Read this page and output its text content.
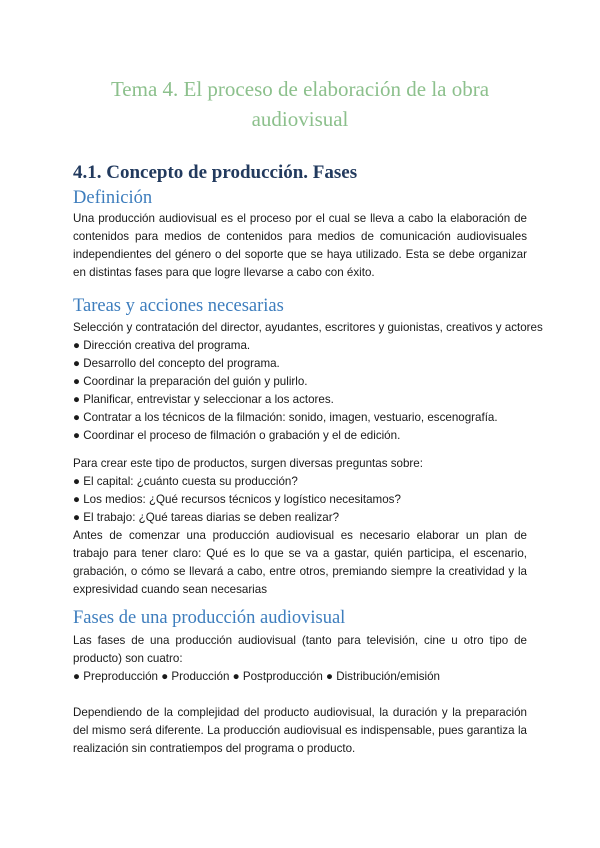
Tema 4. El proceso de elaboración de la obra audiovisual
4.1. Concepto de producción. Fases
Definición

Una producción audiovisual es el proceso por el cual se lleva a cabo la elaboración de contenidos para medios de contenidos para medios de comunicación audiovisuales independientes del género o del soporte que se haya utilizado. Esta se debe organizar en distintas fases para que logre llevarse a cabo con éxito.

Tareas y acciones necesarias
Selección y contratación del director, ayudantes, escritores y guionistas, creativos y actores
● Dirección creativa del programa.
● Desarrollo del concepto del programa.
● Coordinar la preparación del guión y pulirlo.
● Planificar, entrevistar y seleccionar a los actores.
● Contratar a los técnicos de la filmación: sonido, imagen, vestuario, escenografía.
● Coordinar el proceso de filmación o grabación y el de edición.
Para crear este tipo de productos, surgen diversas preguntas sobre:
● El capital: ¿cuánto cuesta su producción?
● Los medios: ¿Qué recursos técnicos y logístico necesitamos?
● El trabajo: ¿Qué tareas diarias se deben realizar?

Antes de comenzar una producción audiovisual es necesario elaborar un plan de trabajo para tener claro: Qué es lo que se va a gastar, quién participa, el escenario, grabación, o cómo se llevará a cabo, entre otros, premiando siempre la creatividad y la expresividad cuando sean necesarias

Fases de una producción audiovisual

Las fases de una producción audiovisual (tanto para televisión, cine u otro tipo de producto) son cuatro:

● Preproducción ● Producción ● Postproducción ● Distribución/emisión

Dependiendo de la complejidad del producto audiovisual, la duración y la preparación del mismo será diferente. La producción audiovisual es indispensable, pues garantiza la realización sin contratiempos del programa o producto.
